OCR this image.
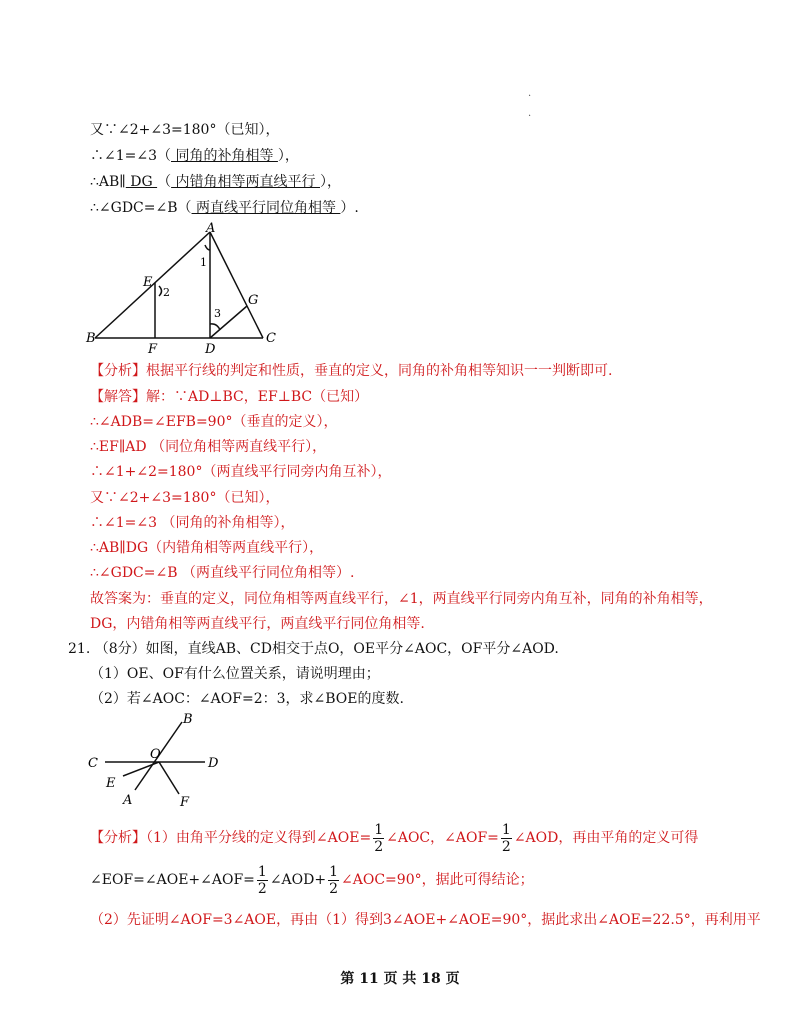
.
.
又∵∠2+∠3=180°（已知），
∴∠1=∠3（ 同角的补角相等 ），
∴AB∥ DG （ 内错角相等两直线平行 ），
∴∠GDC=∠B（ 两直线平行同位角相等 ）.
A
B	C
D
E
F
G
1
2
3
【分析】根据平行线的判定和性质，垂直的定义，同角的补角相等知识一一判断即可.
【解答】解：∵AD⊥BC，EF⊥BC（已知）
∴∠ADB=∠EFB=90°（垂直的定义），
∴EF∥AD （同位角相等两直线平行），
∴∠1+∠2=180°（两直线平行同旁内角互补），
又∵∠2+∠3=180°（已知），
∴∠1=∠3 （同角的补角相等），
∴AB∥DG（内错角相等两直线平行），
∴∠GDC=∠B （两直线平行同位角相等）.
故答案为：垂直的定义，同位角相等两直线平行，∠1，两直线平行同旁内角互补，同角的补角相等，
DG，内错角相等两直线平行，两直线平行同位角相等.
21. （8分）如图，直线AB、CD相交于点O，OE平分∠AOC，OF平分∠AOD.
（1）OE、OF有什么位置关系，请说明理由；
（2）若∠AOC：∠AOF=2：3，求∠BOE的度数.
C	D
B
O
E
A	F
【分析】（1）由角平分线的定义得到∠AOE= $\frac{1}{2}$ ∠AOC，∠AOF= $\frac{1}{2}$ ∠AOD，再由平角的定义可得
∠EOF=∠AOE+∠AOF= $\frac{1}{2}$ ∠AOD+ $\frac{1}{2}$ ∠AOC=90°，据此可得结论；
（2）先证明∠AOF=3∠AOE，再由（1）得到3∠AOE+∠AOE=90°，据此求出∠AOE=22.5°，再利用平
第 11 页 共 18 页
